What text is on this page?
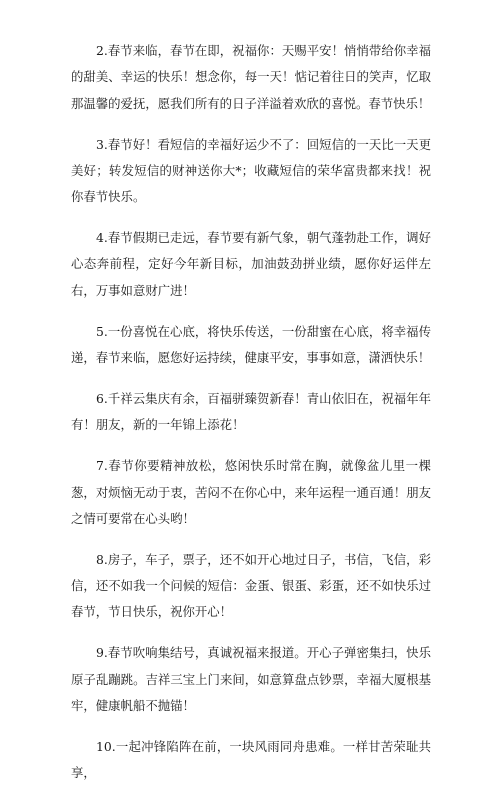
2.春节来临，春节在即，祝福你：天赐平安！悄悄带给你幸福的甜美、幸运的快乐！想念你，每一天！惦记着往日的笑声，忆取那温馨的爱抚，愿我们所有的日子洋溢着欢欣的喜悦。春节快乐！

3.春节好！看短信的幸福好运少不了：回短信的一天比一天更美好；转发短信的财神送你大*；收藏短信的荣华富贵都来找！祝你春节快乐。

4.春节假期已走远，春节要有新气象，朝气蓬勃赴工作，调好心态奔前程，定好今年新目标，加油鼓劲拼业绩，愿你好运伴左右，万事如意财广进！

5.一份喜悦在心底，将快乐传送，一份甜蜜在心底，将幸福传递，春节来临，愿您好运持续，健康平安，事事如意，潇洒快乐！

6.千祥云集庆有余，百福骈臻贺新春！青山依旧在，祝福年年有！朋友，新的一年锦上添花！

7.春节你要精神放松，悠闲快乐时常在胸，就像盆儿里一棵葱，对烦恼无动于衷，苦闷不在你心中，来年运程一通百通！朋友之情可要常在心头哟！

8.房子，车子，票子，还不如开心地过日子，书信，飞信，彩信，还不如我一个问候的短信：金蛋、银蛋、彩蛋，还不如快乐过春节，节日快乐，祝你开心！

9.春节吹响集结号，真诚祝福来报道。开心子弹密集扫，快乐原子乱蹦跳。吉祥三宝上门来间，如意算盘点钞票，幸福大厦根基牢，健康帆船不抛锚！

10.一起冲锋陷阵在前，一块风雨同舟患难。一样甘苦荣耻共享，
